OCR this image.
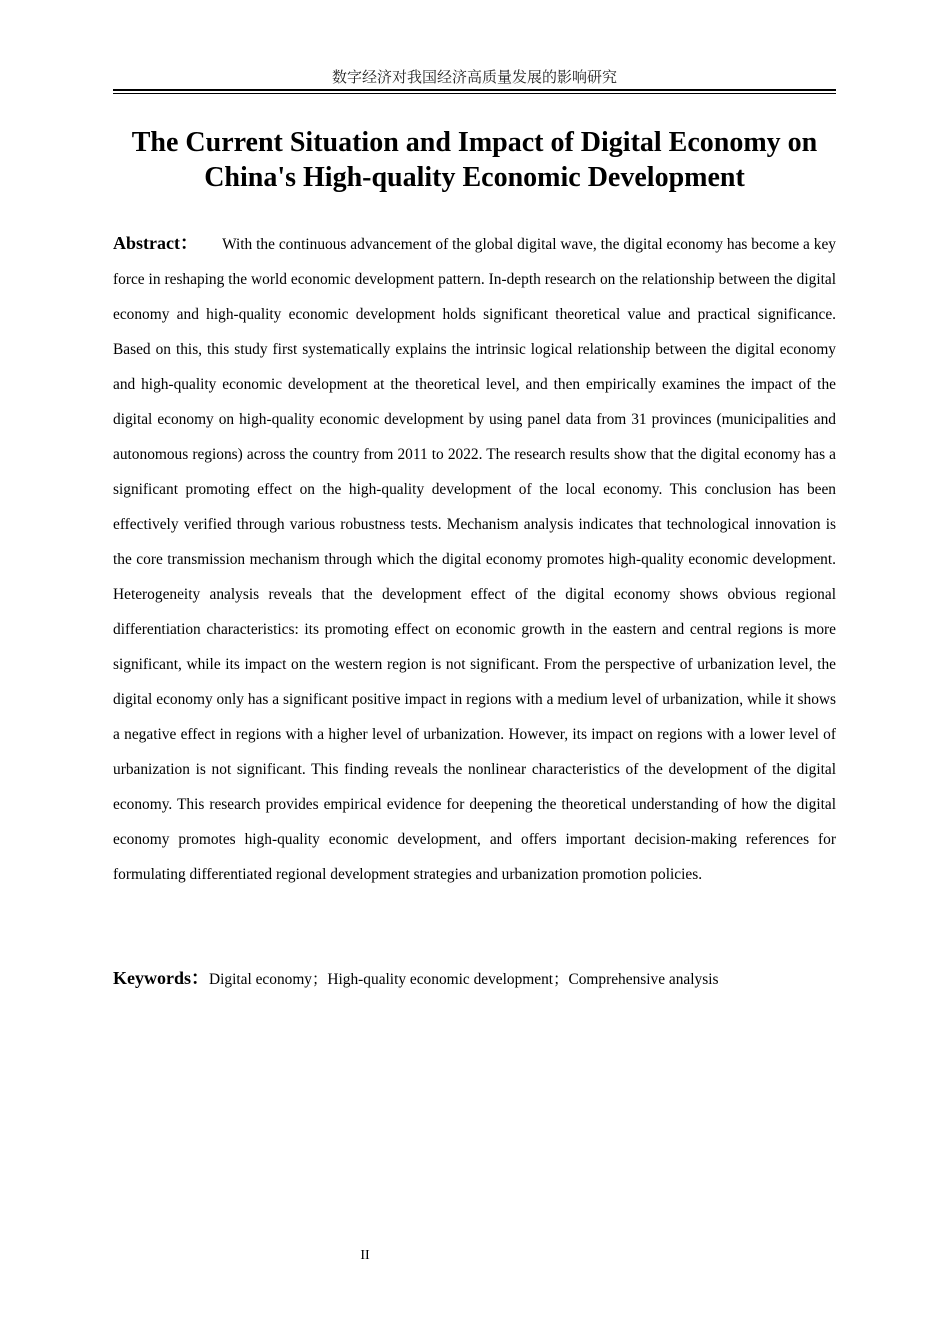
数字经济对我国经济高质量发展的影响研究
The Current Situation and Impact of Digital Economy on
China's High-quality Economic Development

Abstract： With the continuous advancement of the global digital wave, the digital economy has become a key force in reshaping the world economic development pattern. In-depth research on the relationship between the digital economy and high-quality economic development holds significant theoretical value and practical significance. Based on this, this study first systematically explains the intrinsic logical relationship between the digital economy and high-quality economic development at the theoretical level, and then empirically examines the impact of the digital economy on high-quality economic development by using panel data from 31 provinces (municipalities and autonomous regions) across the country from 2011 to 2022. The research results show that the digital economy has a significant promoting effect on the high-quality development of the local economy. This conclusion has been effectively verified through various robustness tests. Mechanism analysis indicates that technological innovation is the core transmission mechanism through which the digital economy promotes high-quality economic development. Heterogeneity analysis reveals that the development effect of the digital economy shows obvious regional differentiation characteristics: its promoting effect on economic growth in the eastern and central regions is more significant, while its impact on the western region is not significant. From the perspective of urbanization level, the digital economy only has a significant positive impact in regions with a medium level of urbanization, while it shows a negative effect in regions with a higher level of urbanization. However, its impact on regions with a lower level of urbanization is not significant. This finding reveals the nonlinear characteristics of the development of the digital economy. This research provides empirical evidence for deepening the theoretical understanding of how the digital economy promotes high-quality economic development, and offers important decision-making references for formulating differentiated regional development strategies and urbanization promotion policies.

Keywords：Digital economy；High-quality economic development；Comprehensive analysis

II
